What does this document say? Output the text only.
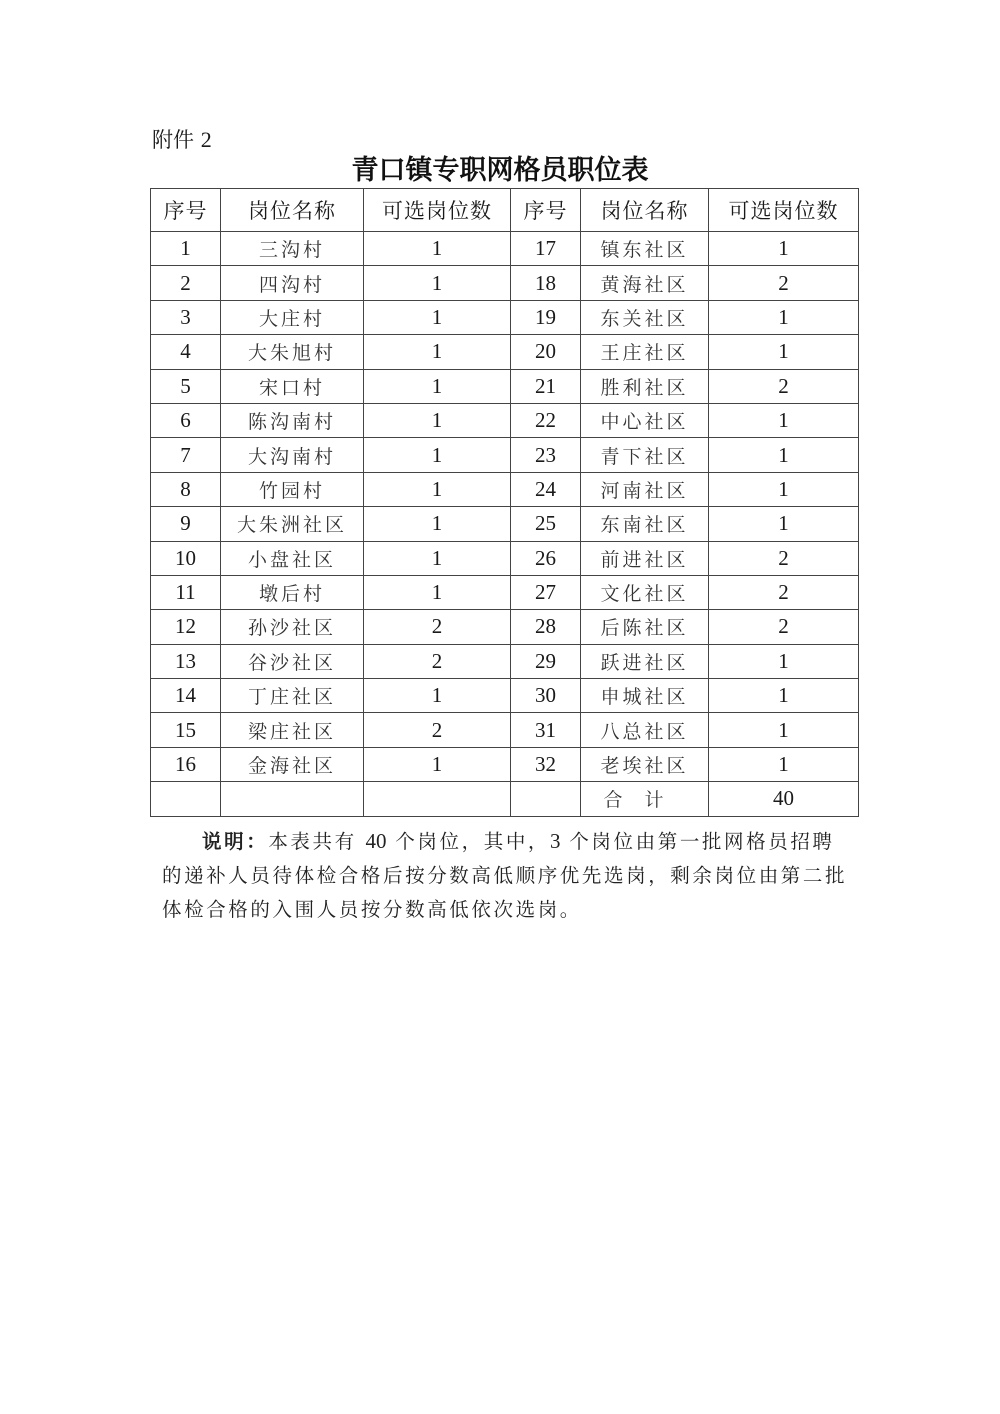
附件 2
青口镇专职网格员职位表
序号	岗位名称	可选岗位数	序号	岗位名称	可选岗位数
1	三沟村	1	17	镇东社区	1
2	四沟村	1	18	黄海社区	2
3	大庄村	1	19	东关社区	1
4	大朱旭村	1	20	王庄社区	1
5	宋口村	1	21	胜利社区	2
6	陈沟南村	1	22	中心社区	1
7	大沟南村	1	23	青下社区	1
8	竹园村	1	24	河南社区	1
9	大朱洲社区	1	25	东南社区	1
10	小盘社区	1	26	前进社区	2
11	墩后村	1	27	文化社区	2
12	孙沙社区	2	28	后陈社区	2
13	谷沙社区	2	29	跃进社区	1
14	丁庄社区	1	30	申城社区	1
15	梁庄社区	2	31	八总社区	1
16	金海社区	1	32	老埃社区	1
				合计	40
说明：本表共有 40 个岗位，其中，3 个岗位由第一批网格员招聘的递补人员待体检合格后按分数高低顺序优先选岗，剩余岗位由第二批体检合格的入围人员按分数高低依次选岗。
